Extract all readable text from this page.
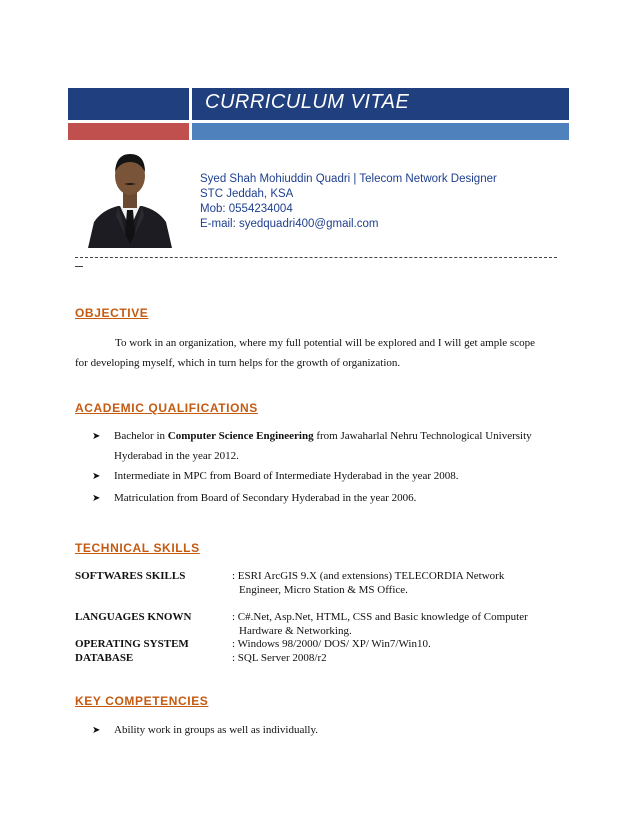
CURRICULUM VITAE
Syed Shah Mohiuddin Quadri | Telecom Network Designer
STC Jeddah, KSA
Mob: 0554234004
E-mail: syedquadri400@gmail.com
OBJECTIVE
To work in an organization, where my full potential will be explored and I will get ample scope
for developing myself, which in turn helps for the growth of organization.
ACADEMIC QUALIFICATIONS
➤ Bachelor in Computer Science Engineering from Jawaharlal Nehru Technological University
Hyderabad in the year 2012.
➤ Intermediate in MPC from Board of Intermediate Hyderabad in the year 2008.
➤ Matriculation from Board of Secondary Hyderabad in the year 2006.
TECHNICAL SKILLS
SOFTWARES SKILLS	: ESRI ArcGIS 9.X (and extensions) TELECORDIA Network
Engineer, Micro Station & MS Office.
LANGUAGES KNOWN	: C#.Net, Asp.Net, HTML, CSS and Basic knowledge of Computer
Hardware & Networking.
OPERATING SYSTEM	: Windows 98/2000/ DOS/ XP/ Win7/Win10.
DATABASE	: SQL Server 2008/r2
KEY COMPETENCIES
➤ Ability work in groups as well as individually.
